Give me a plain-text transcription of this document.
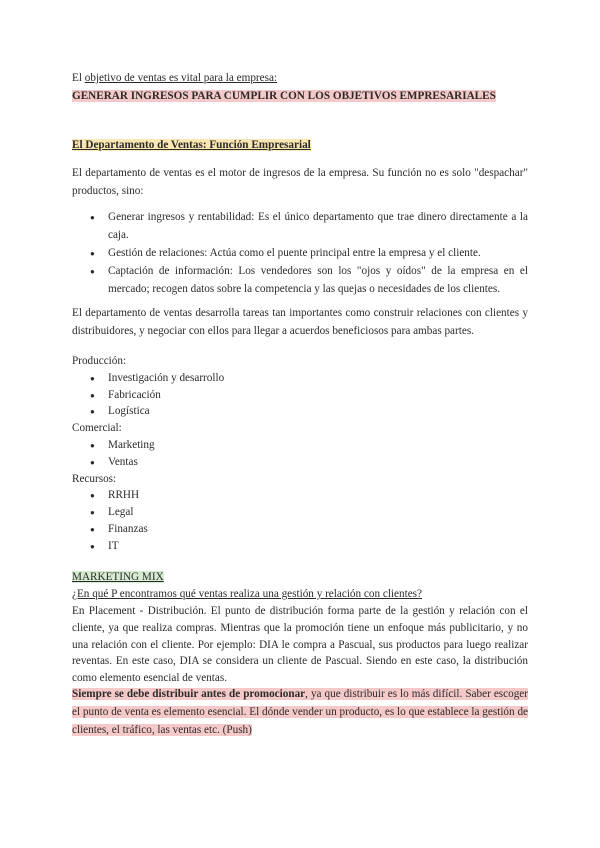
El objetivo de ventas es vital para la empresa:
GENERAR INGRESOS PARA CUMPLIR CON LOS OBJETIVOS EMPRESARIALES
El Departamento de Ventas: Función Empresarial
El departamento de ventas es el motor de ingresos de la empresa. Su función no es solo "despachar" productos, sino:
● Generar ingresos y rentabilidad: Es el único departamento que trae dinero directamente a la caja.
● Gestión de relaciones: Actúa como el puente principal entre la empresa y el cliente.
● Captación de información: Los vendedores son los "ojos y oídos" de la empresa en el mercado; recogen datos sobre la competencia y las quejas o necesidades de los clientes.
El departamento de ventas desarrolla tareas tan importantes como construir relaciones con clientes y distribuidores, y negociar con ellos para llegar a acuerdos beneficiosos para ambas partes.
Producción:
● Investigación y desarrollo
● Fabricación
● Logística
Comercial:
● Marketing
● Ventas
Recursos:
● RRHH
● Legal
● Finanzas
● IT
MARKETING MIX
¿En qué P encontramos qué ventas realiza una gestión y relación con clientes?
En Placement - Distribución. El punto de distribución forma parte de la gestión y relación con el cliente, ya que realiza compras. Mientras que la promoción tiene un enfoque más publicitario, y no una relación con el cliente. Por ejemplo: DIA le compra a Pascual, sus productos para luego realizar reventas. En este caso, DIA se considera un cliente de Pascual. Siendo en este caso, la distribución como elemento esencial de ventas.
Siempre se debe distribuir antes de promocionar, ya que distribuir es lo más difícil. Saber escoger el punto de venta es elemento esencial. El dónde vender un producto, es lo que establece la gestión de clientes, el tráfico, las ventas etc. (Push)
